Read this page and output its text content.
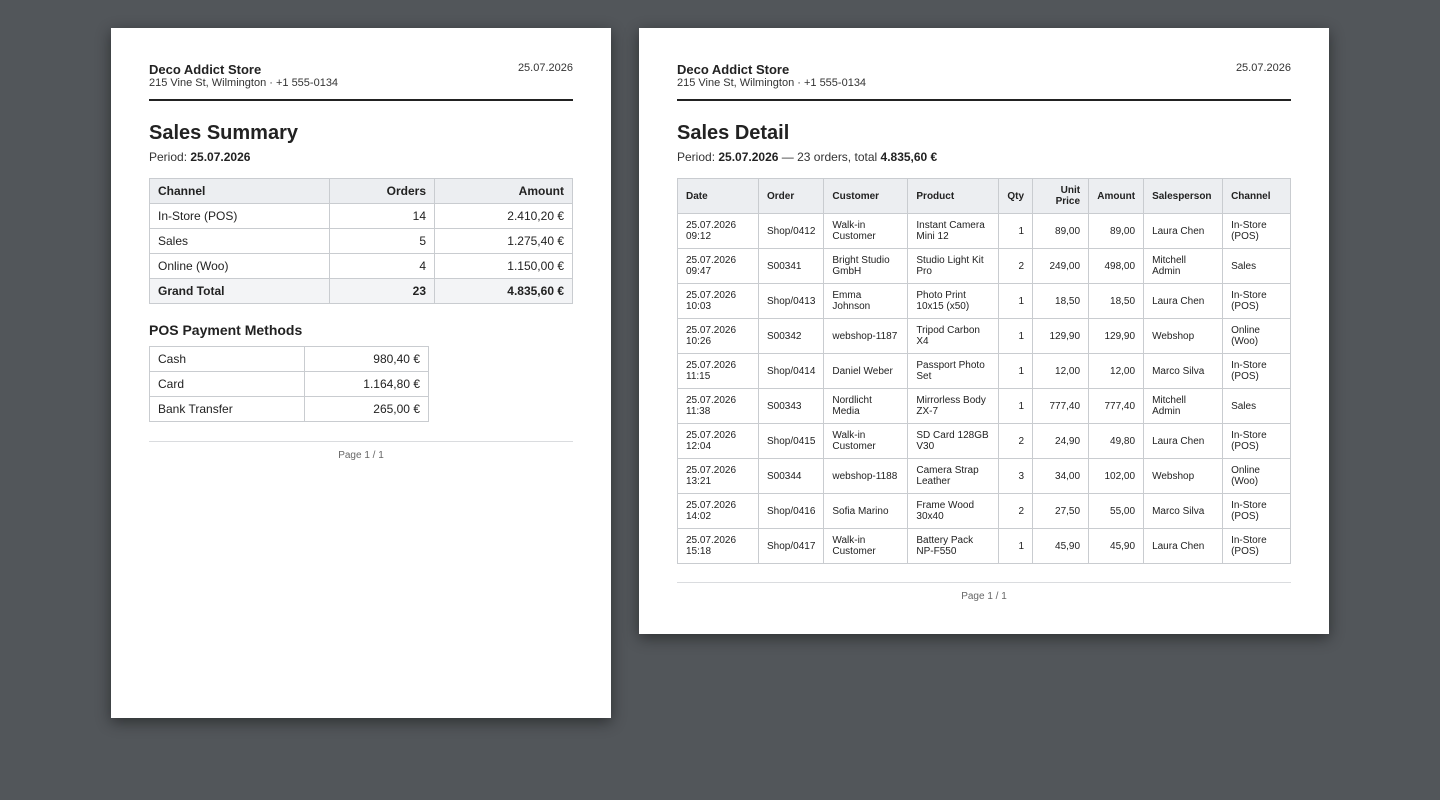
Deco Addict Store
215 Vine St, Wilmington · +1 555-0134
25.07.2026
Sales Summary
Period: 25.07.2026
Channel	Orders	Amount
In-Store (POS)	14	2.410,20 €
Sales	5	1.275,40 €
Online (Woo)	4	1.150,00 €
Grand Total	23	4.835,60 €
POS Payment Methods
Cash	980,40 €
Card	1.164,80 €
Bank Transfer	265,00 €
Page 1 / 1
Deco Addict Store
215 Vine St, Wilmington · +1 555-0134
25.07.2026
Sales Detail
Period: 25.07.2026 — 23 orders, total 4.835,60 €
Date	Order	Customer	Product	Qty	Unit Price	Amount	Salesperson	Channel
25.07.2026 09:12	Shop/0412	Walk-in Customer	Instant Camera Mini 12	1	89,00	89,00	Laura Chen	In-Store (POS)
25.07.2026 09:47	S00341	Bright Studio GmbH	Studio Light Kit Pro	2	249,00	498,00	Mitchell Admin	Sales
25.07.2026 10:03	Shop/0413	Emma Johnson	Photo Print 10x15 (x50)	1	18,50	18,50	Laura Chen	In-Store (POS)
25.07.2026 10:26	S00342	webshop-1187	Tripod Carbon X4	1	129,90	129,90	Webshop	Online (Woo)
25.07.2026 11:15	Shop/0414	Daniel Weber	Passport Photo Set	1	12,00	12,00	Marco Silva	In-Store (POS)
25.07.2026 11:38	S00343	Nordlicht Media	Mirrorless Body ZX-7	1	777,40	777,40	Mitchell Admin	Sales
25.07.2026 12:04	Shop/0415	Walk-in Customer	SD Card 128GB V30	2	24,90	49,80	Laura Chen	In-Store (POS)
25.07.2026 13:21	S00344	webshop-1188	Camera Strap Leather	3	34,00	102,00	Webshop	Online (Woo)
25.07.2026 14:02	Shop/0416	Sofia Marino	Frame Wood 30x40	2	27,50	55,00	Marco Silva	In-Store (POS)
25.07.2026 15:18	Shop/0417	Walk-in Customer	Battery Pack NP-F550	1	45,90	45,90	Laura Chen	In-Store (POS)
Page 1 / 1
